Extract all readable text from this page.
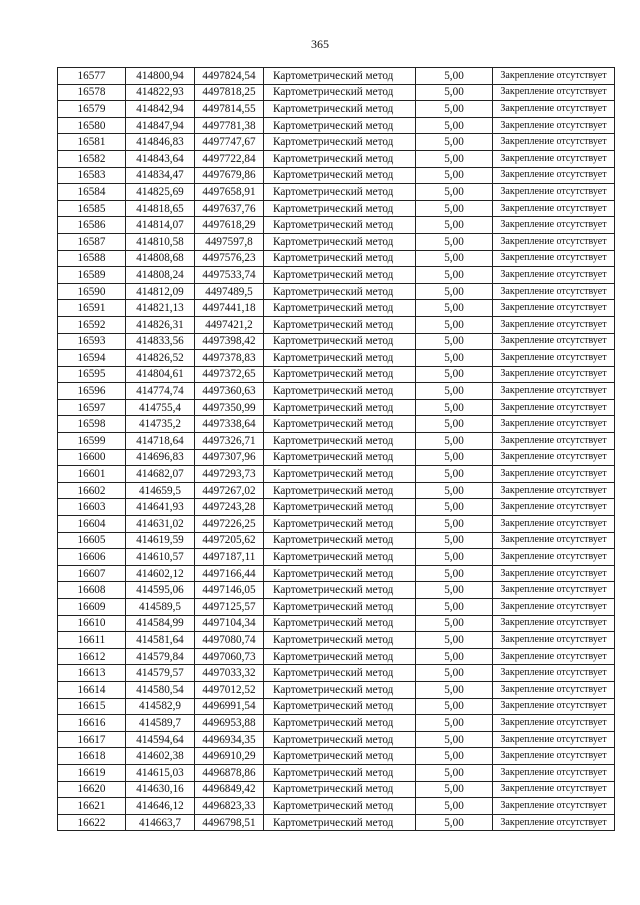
365
16577	414800,94	4497824,54	Картометрический метод	5,00	Закрепление отсутствует
16578	414822,93	4497818,25	Картометрический метод	5,00	Закрепление отсутствует
16579	414842,94	4497814,55	Картометрический метод	5,00	Закрепление отсутствует
16580	414847,94	4497781,38	Картометрический метод	5,00	Закрепление отсутствует
16581	414846,83	4497747,67	Картометрический метод	5,00	Закрепление отсутствует
16582	414843,64	4497722,84	Картометрический метод	5,00	Закрепление отсутствует
16583	414834,47	4497679,86	Картометрический метод	5,00	Закрепление отсутствует
16584	414825,69	4497658,91	Картометрический метод	5,00	Закрепление отсутствует
16585	414818,65	4497637,76	Картометрический метод	5,00	Закрепление отсутствует
16586	414814,07	4497618,29	Картометрический метод	5,00	Закрепление отсутствует
16587	414810,58	4497597,8	Картометрический метод	5,00	Закрепление отсутствует
16588	414808,68	4497576,23	Картометрический метод	5,00	Закрепление отсутствует
16589	414808,24	4497533,74	Картометрический метод	5,00	Закрепление отсутствует
16590	414812,09	4497489,5	Картометрический метод	5,00	Закрепление отсутствует
16591	414821,13	4497441,18	Картометрический метод	5,00	Закрепление отсутствует
16592	414826,31	4497421,2	Картометрический метод	5,00	Закрепление отсутствует
16593	414833,56	4497398,42	Картометрический метод	5,00	Закрепление отсутствует
16594	414826,52	4497378,83	Картометрический метод	5,00	Закрепление отсутствует
16595	414804,61	4497372,65	Картометрический метод	5,00	Закрепление отсутствует
16596	414774,74	4497360,63	Картометрический метод	5,00	Закрепление отсутствует
16597	414755,4	4497350,99	Картометрический метод	5,00	Закрепление отсутствует
16598	414735,2	4497338,64	Картометрический метод	5,00	Закрепление отсутствует
16599	414718,64	4497326,71	Картометрический метод	5,00	Закрепление отсутствует
16600	414696,83	4497307,96	Картометрический метод	5,00	Закрепление отсутствует
16601	414682,07	4497293,73	Картометрический метод	5,00	Закрепление отсутствует
16602	414659,5	4497267,02	Картометрический метод	5,00	Закрепление отсутствует
16603	414641,93	4497243,28	Картометрический метод	5,00	Закрепление отсутствует
16604	414631,02	4497226,25	Картометрический метод	5,00	Закрепление отсутствует
16605	414619,59	4497205,62	Картометрический метод	5,00	Закрепление отсутствует
16606	414610,57	4497187,11	Картометрический метод	5,00	Закрепление отсутствует
16607	414602,12	4497166,44	Картометрический метод	5,00	Закрепление отсутствует
16608	414595,06	4497146,05	Картометрический метод	5,00	Закрепление отсутствует
16609	414589,5	4497125,57	Картометрический метод	5,00	Закрепление отсутствует
16610	414584,99	4497104,34	Картометрический метод	5,00	Закрепление отсутствует
16611	414581,64	4497080,74	Картометрический метод	5,00	Закрепление отсутствует
16612	414579,84	4497060,73	Картометрический метод	5,00	Закрепление отсутствует
16613	414579,57	4497033,32	Картометрический метод	5,00	Закрепление отсутствует
16614	414580,54	4497012,52	Картометрический метод	5,00	Закрепление отсутствует
16615	414582,9	4496991,54	Картометрический метод	5,00	Закрепление отсутствует
16616	414589,7	4496953,88	Картометрический метод	5,00	Закрепление отсутствует
16617	414594,64	4496934,35	Картометрический метод	5,00	Закрепление отсутствует
16618	414602,38	4496910,29	Картометрический метод	5,00	Закрепление отсутствует
16619	414615,03	4496878,86	Картометрический метод	5,00	Закрепление отсутствует
16620	414630,16	4496849,42	Картометрический метод	5,00	Закрепление отсутствует
16621	414646,12	4496823,33	Картометрический метод	5,00	Закрепление отсутствует
16622	414663,7	4496798,51	Картометрический метод	5,00	Закрепление отсутствует
